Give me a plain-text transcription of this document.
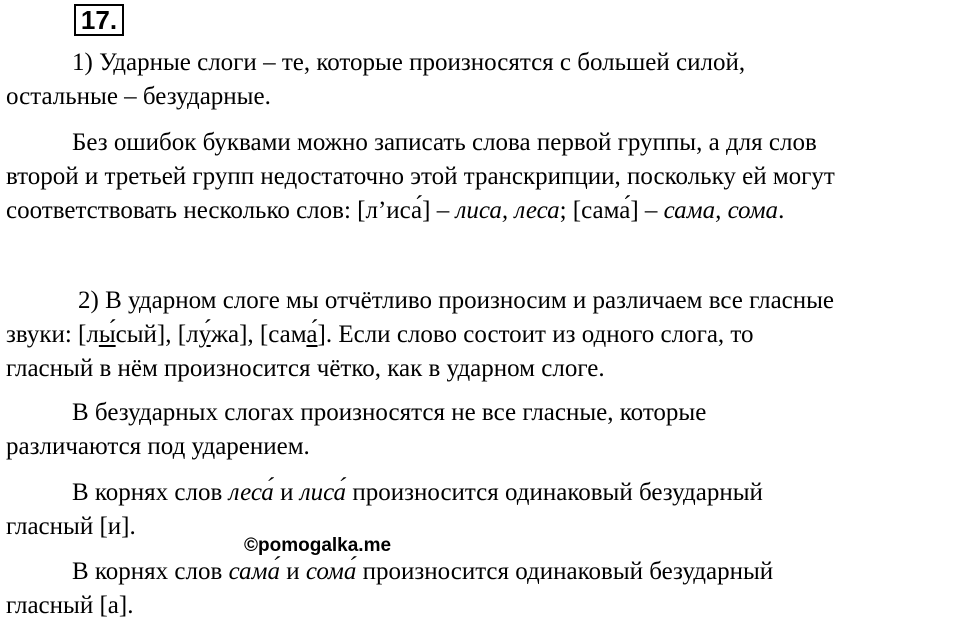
17.
1) Ударные слоги – те, которые произносятся с большей силой,
остальные – безударные.
Без ошибок буквами можно записать слова первой группы, а для слов
второй и третьей групп недостаточно этой транскрипции, поскольку ей могут
соответствовать несколько слов: [л’иса́] – лиса, леса; [сама́] – сама, сома.
2) В ударном слоге мы отчётливо произносим и различаем все гласные
звуки: [лы́сый], [лу́жа], [сама́]. Если слово состоит из одного слога, то
гласный в нём произносится чётко, как в ударном слоге.
В безударных слогах произносятся не все гласные, которые
различаются под ударением.
В корнях слов леса́ и лиса́ произносится одинаковый безударный
гласный [и].
©pomogalka.me
В корнях слов сама́ и сома́ произносится одинаковый безударный
гласный [а].
